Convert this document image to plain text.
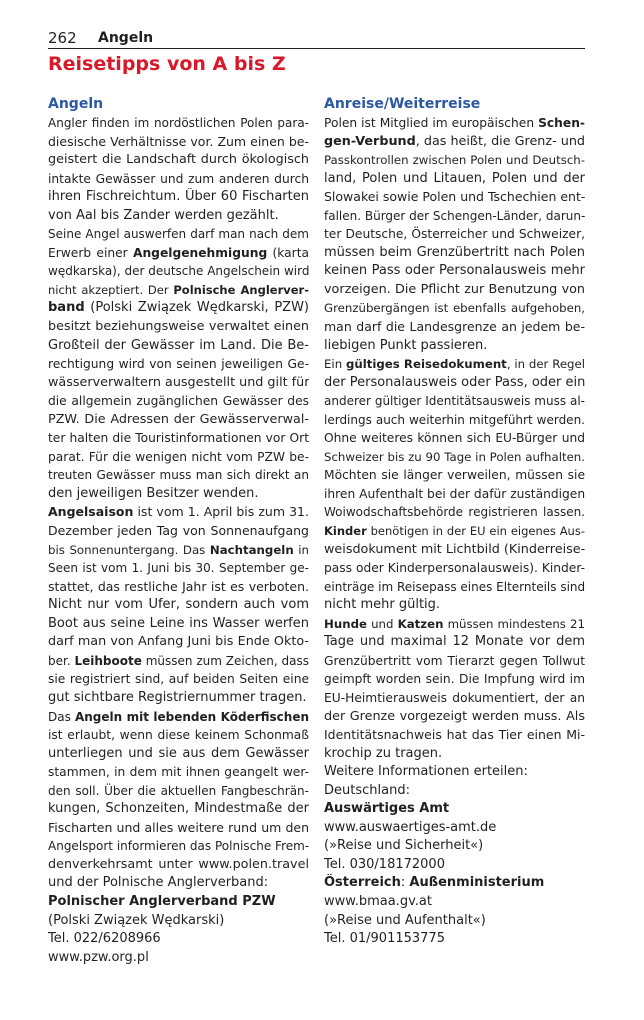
262 Angeln
Reisetipps von A bis Z
Angeln
Angler finden im nordöstlichen Polen para-
diesische Verhältnisse vor. Zum einen be-
geistert die Landschaft durch ökologisch
intakte Gewässer und zum anderen durch
ihren Fischreichtum. Über 60 Fischarten
von Aal bis Zander werden gezählt.
Seine Angel auswerfen darf man nach dem
Erwerb einer Angelgenehmigung (karta
wędkarska), der deutsche Angelschein wird
nicht akzeptiert. Der Polnische Anglerver-
band (Polski Związek Wędkarski, PZW)
besitzt beziehungsweise verwaltet einen
Großteil der Gewässer im Land. Die Be-
rechtigung wird von seinen jeweiligen Ge-
wässerverwaltern ausgestellt und gilt für
die allgemein zugänglichen Gewässer des
PZW. Die Adressen der Gewässerverwal-
ter halten die Touristinformationen vor Ort
parat. Für die wenigen nicht vom PZW be-
treuten Gewässer muss man sich direkt an
den jeweiligen Besitzer wenden.
Angelsaison ist vom 1. April bis zum 31.
Dezember jeden Tag von Sonnenaufgang
bis Sonnenuntergang. Das Nachtangeln in
Seen ist vom 1. Juni bis 30. September ge-
stattet, das restliche Jahr ist es verboten.
Nicht nur vom Ufer, sondern auch vom
Boot aus seine Leine ins Wasser werfen
darf man von Anfang Juni bis Ende Okto-
ber. Leihboote müssen zum Zeichen, dass
sie registriert sind, auf beiden Seiten eine
gut sichtbare Registriernummer tragen.
Das Angeln mit lebenden Köderfischen
ist erlaubt, wenn diese keinem Schonmaß
unterliegen und sie aus dem Gewässer
stammen, in dem mit ihnen geangelt wer-
den soll. Über die aktuellen Fangbeschrän-
kungen, Schonzeiten, Mindestmaße der
Fischarten und alles weitere rund um den
Angelsport informieren das Polnische Frem-
denverkehrsamt unter www.polen.travel
und der Polnische Anglerverband:
Polnischer Anglerverband PZW
(Polski Związek Wędkarski)
Tel. 022/6208966
www.pzw.org.pl
Anreise/Weiterreise
Polen ist Mitglied im europäischen Schen-
gen-Verbund, das heißt, die Grenz- und
Passkontrollen zwischen Polen und Deutsch-
land, Polen und Litauen, Polen und der
Slowakei sowie Polen und Tschechien ent-
fallen. Bürger der Schengen-Länder, darun-
ter Deutsche, Österreicher und Schweizer,
müssen beim Grenzübertritt nach Polen
keinen Pass oder Personalausweis mehr
vorzeigen. Die Pflicht zur Benutzung von
Grenzübergängen ist ebenfalls aufgehoben,
man darf die Landesgrenze an jedem be-
liebigen Punkt passieren.
Ein gültiges Reisedokument, in der Regel
der Personalausweis oder Pass, oder ein
anderer gültiger Identitätsausweis muss al-
lerdings auch weiterhin mitgeführt werden.
Ohne weiteres können sich EU-Bürger und
Schweizer bis zu 90 Tage in Polen aufhalten.
Möchten sie länger verweilen, müssen sie
ihren Aufenthalt bei der dafür zuständigen
Woiwodschaftsbehörde registrieren lassen.
Kinder benötigen in der EU ein eigenes Aus-
weisdokument mit Lichtbild (Kinderreise-
pass oder Kinderpersonalausweis). Kinder-
einträge im Reisepass eines Elternteils sind
nicht mehr gültig.
Hunde und Katzen müssen mindestens 21
Tage und maximal 12 Monate vor dem
Grenzübertritt vom Tierarzt gegen Tollwut
geimpft worden sein. Die Impfung wird im
EU-Heimtierausweis dokumentiert, der an
der Grenze vorgezeigt werden muss. Als
Identitätsnachweis hat das Tier einen Mi-
krochip zu tragen.
Weitere Informationen erteilen:
Deutschland:
Auswärtiges Amt
www.auswaertiges-amt.de
(»Reise und Sicherheit«)
Tel. 030/18172000
Österreich: Außenministerium
www.bmaa.gv.at
(»Reise und Aufenthalt«)
Tel. 01/901153775
